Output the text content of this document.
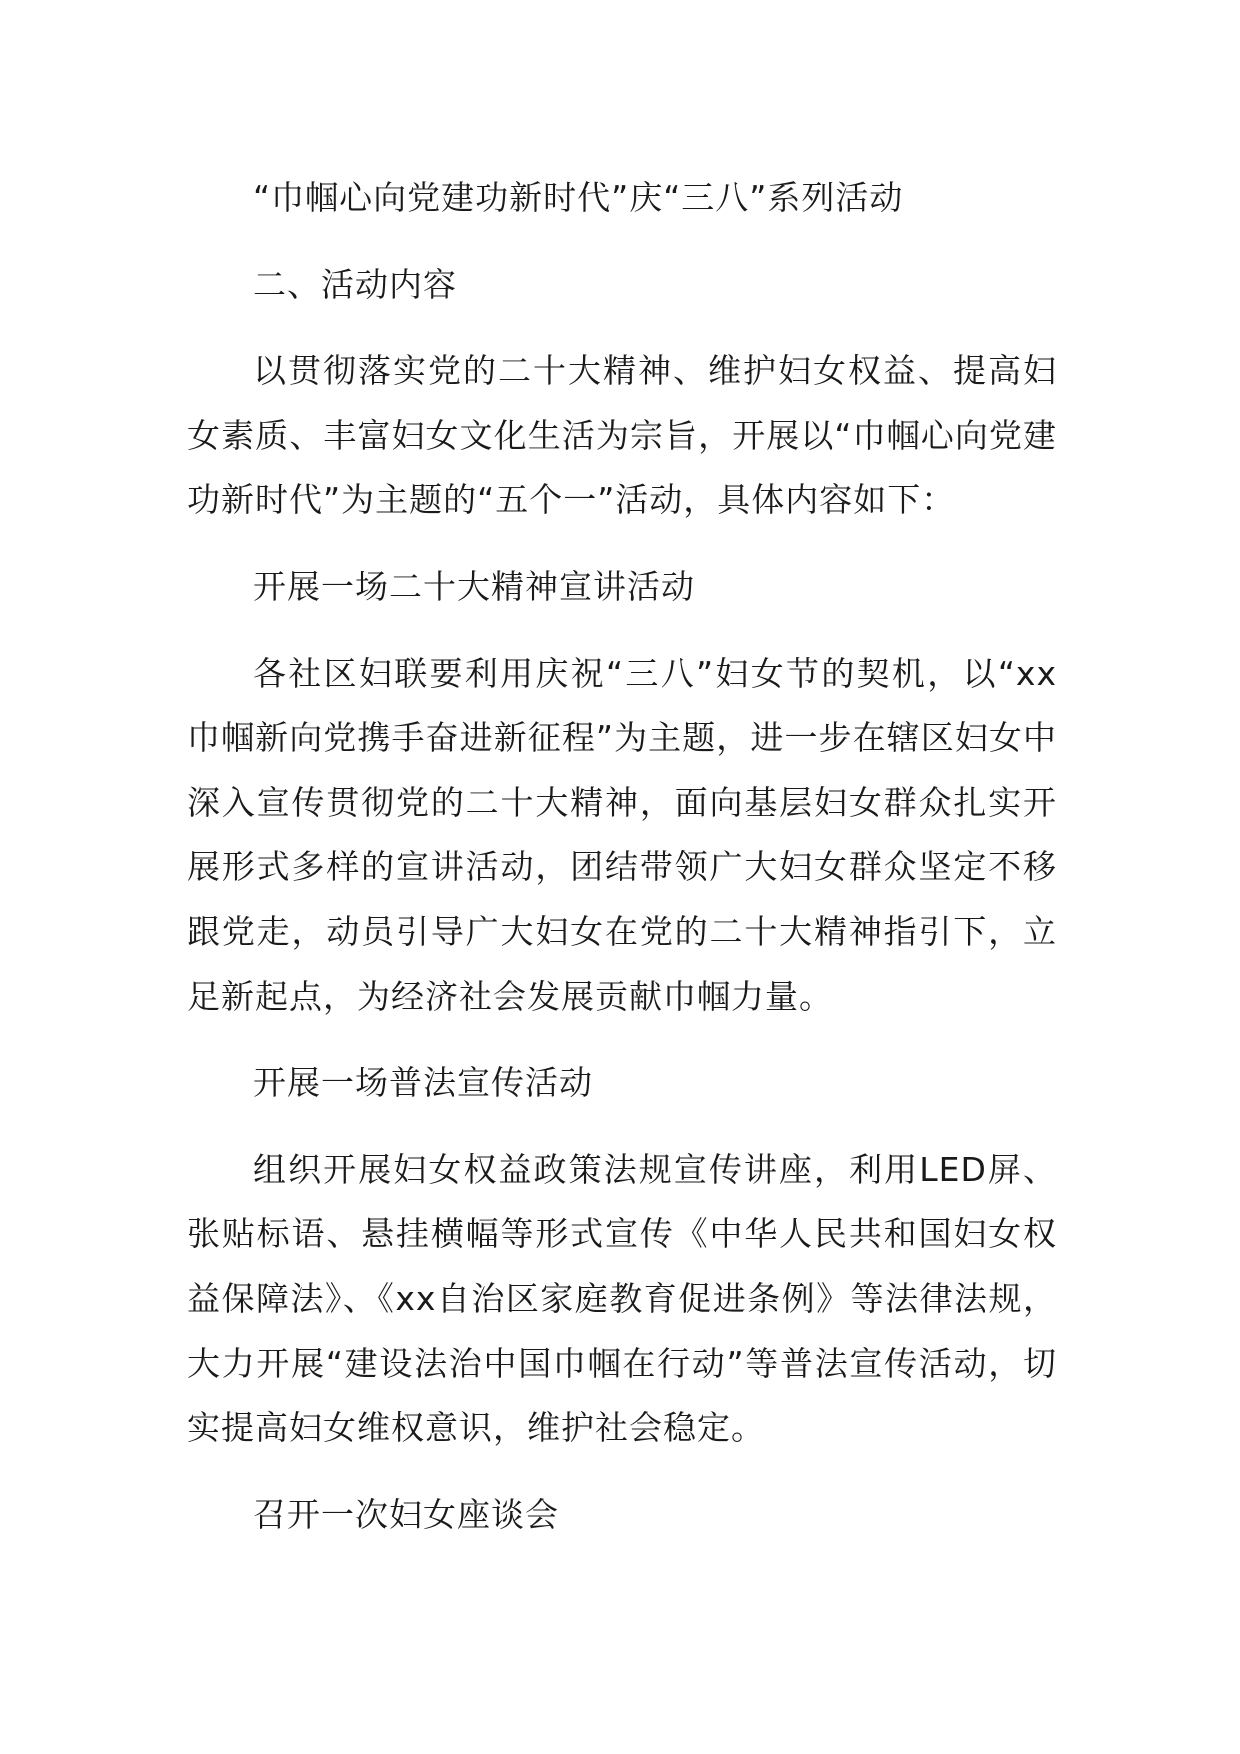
“巾帼心向党建功新时代”庆“三八”系列活动

二、活动内容

以贯彻落实党的二十大精神、维护妇女权益、提高妇女素质、丰富妇女文化生活为宗旨，开展以“巾帼心向党建功新时代”为主题的“五个一”活动，具体内容如下：

开展一场二十大精神宣讲活动

各社区妇联要利用庆祝“三八”妇女节的契机，以“xx巾帼新向党携手奋进新征程”为主题，进一步在辖区妇女中深入宣传贯彻党的二十大精神，面向基层妇女群众扎实开展形式多样的宣讲活动，团结带领广大妇女群众坚定不移跟党走，动员引导广大妇女在党的二十大精神指引下，立足新起点，为经济社会发展贡献巾帼力量。

开展一场普法宣传活动

组织开展妇女权益政策法规宣传讲座，利用LED屏、张贴标语、悬挂横幅等形式宣传《中华人民共和国妇女权益保障法》、《xx自治区家庭教育促进条例》等法律法规，大力开展“建设法治中国巾帼在行动”等普法宣传活动，切实提高妇女维权意识，维护社会稳定。

召开一次妇女座谈会
